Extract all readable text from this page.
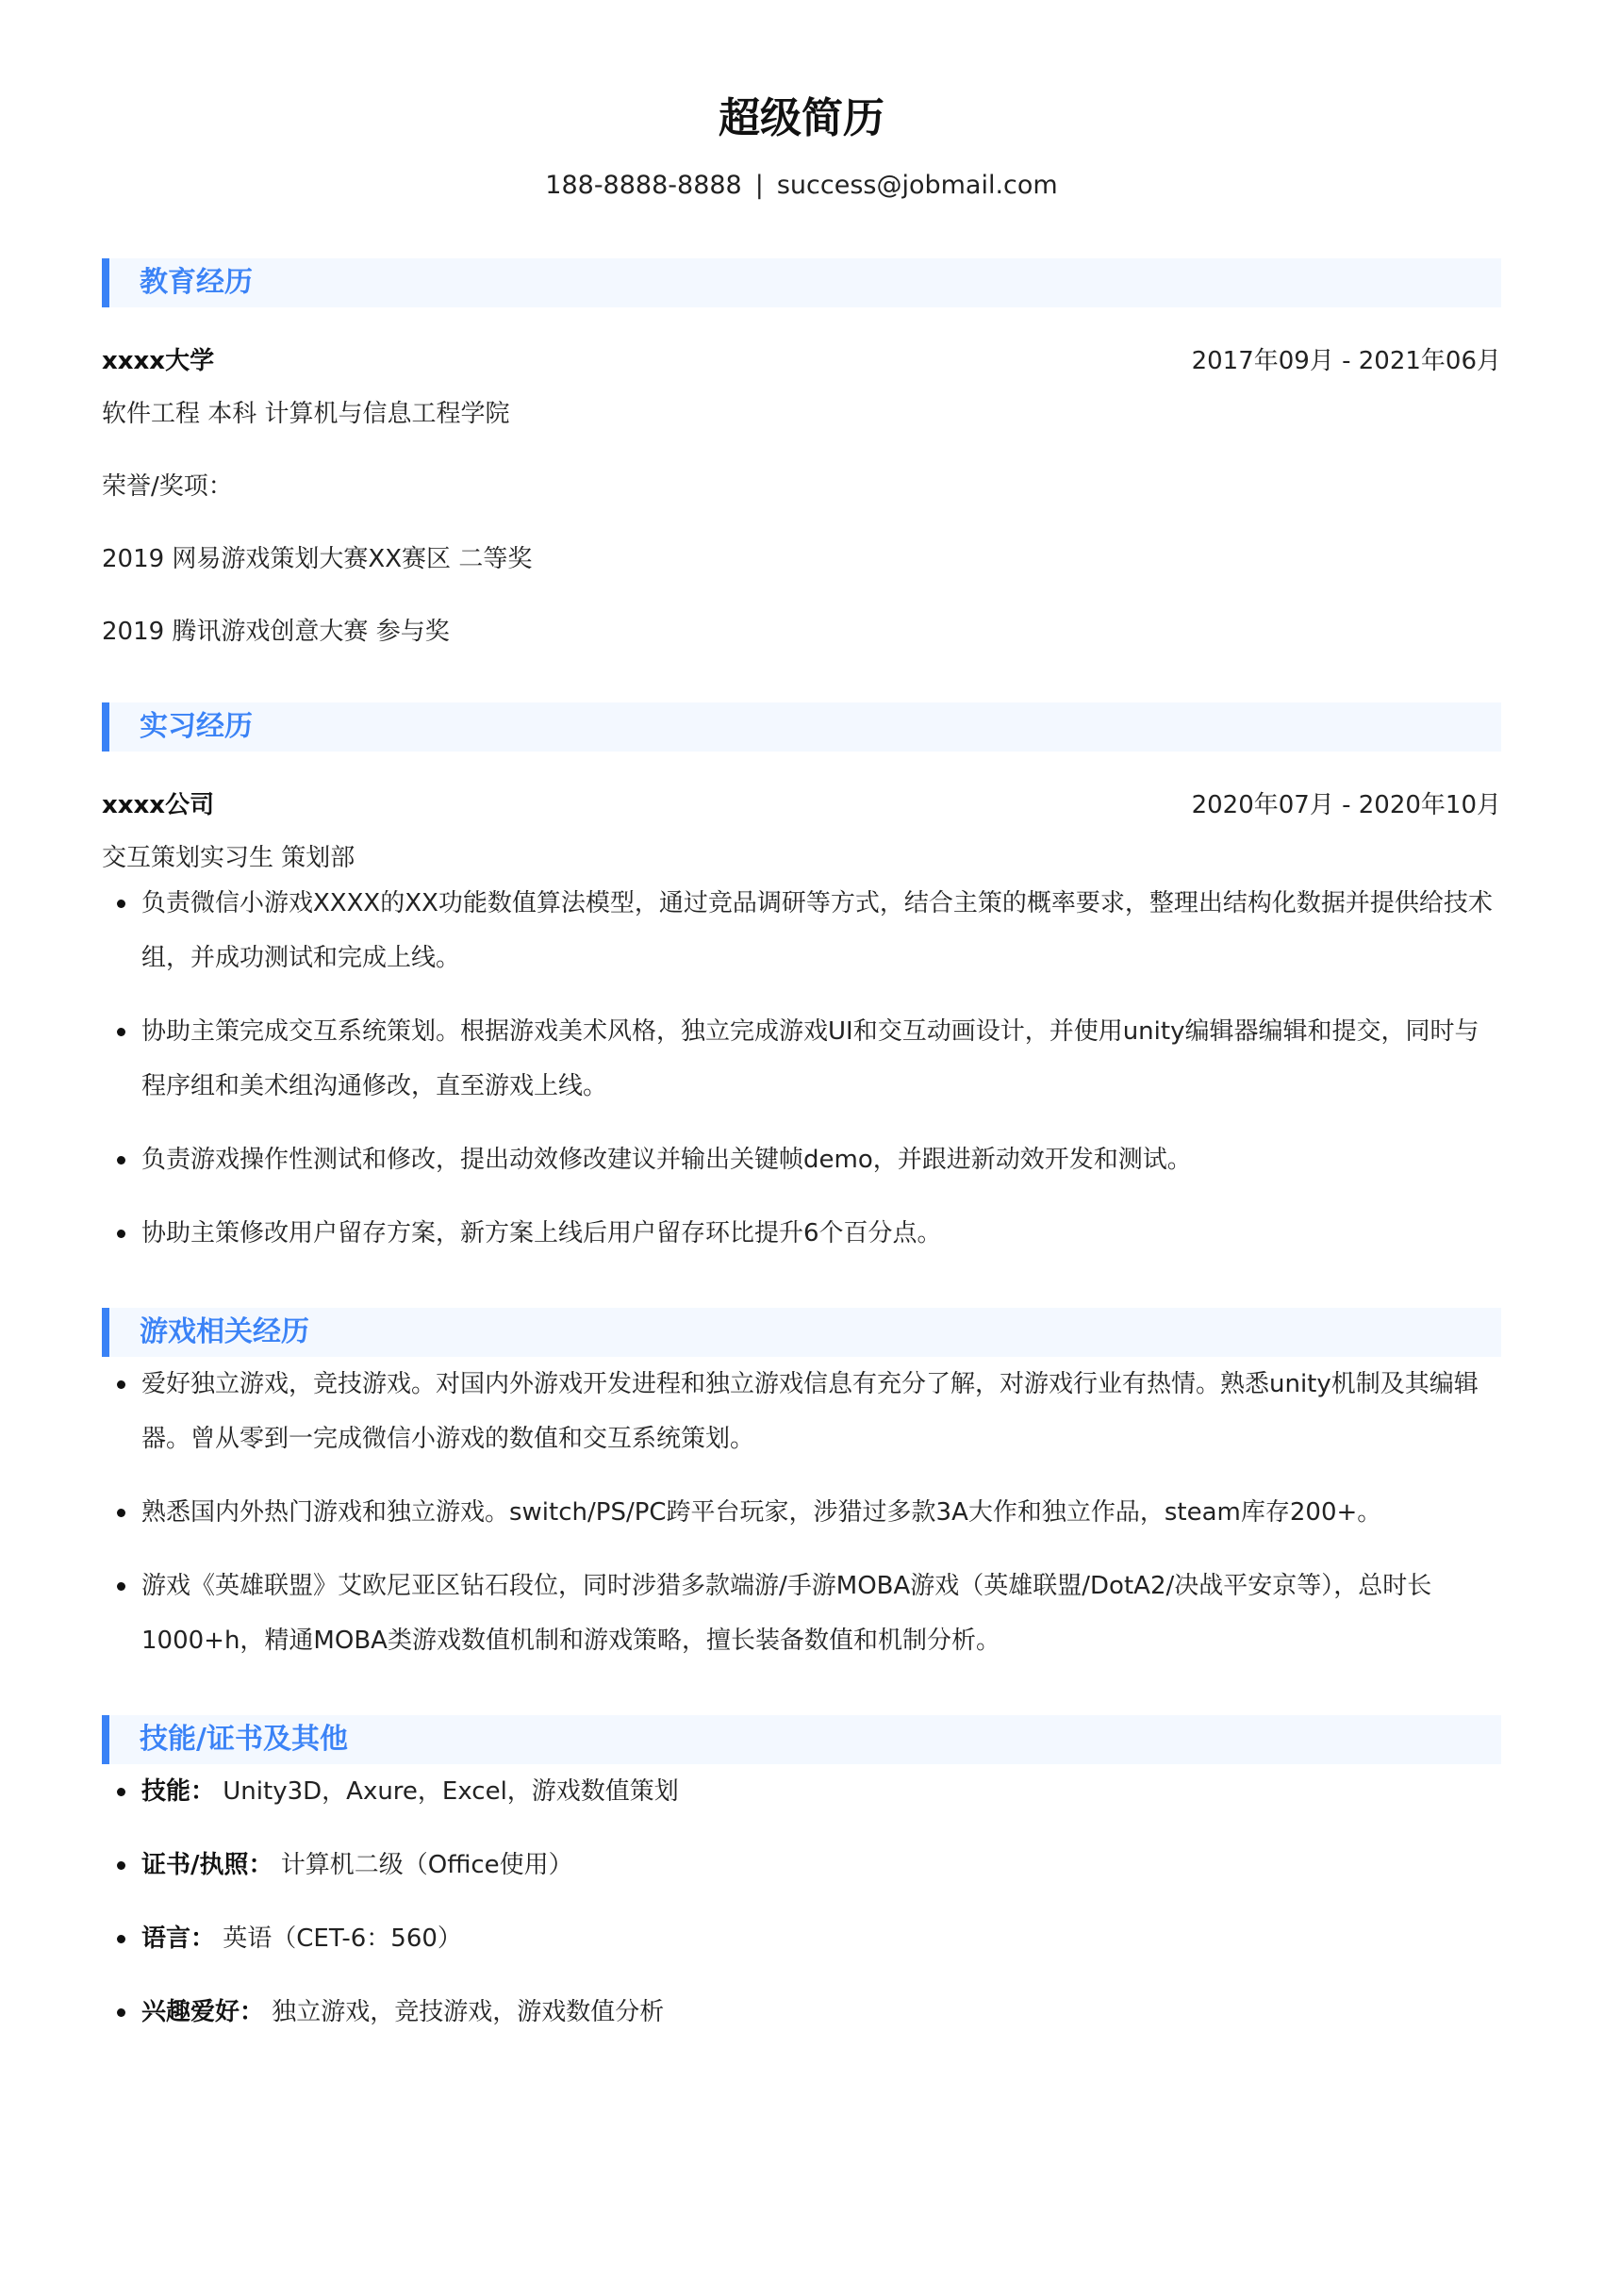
超级简历
188-8888-8888 | success@jobmail.com
教育经历
xxxx大学	2017年09月 - 2021年06月
软件工程 本科 计算机与信息工程学院
荣誉/奖项：
2019 网易游戏策划大赛XX赛区 二等奖
2019 腾讯游戏创意大赛 参与奖
实习经历
xxxx公司	2020年07月 - 2020年10月
交互策划实习生 策划部
负责微信小游戏XXXX的XX功能数值算法模型，通过竞品调研等方式，结合主策的概率要求，整理出结构化数据并提供给技术组，并成功测试和完成上线。
协助主策完成交互系统策划。根据游戏美术风格，独立完成游戏UI和交互动画设计，并使用unity编辑器编辑和提交，同时与程序组和美术组沟通修改，直至游戏上线。
负责游戏操作性测试和修改，提出动效修改建议并输出关键帧demo，并跟进新动效开发和测试。
协助主策修改用户留存方案，新方案上线后用户留存环比提升6个百分点。
游戏相关经历
爱好独立游戏，竞技游戏。对国内外游戏开发进程和独立游戏信息有充分了解，对游戏行业有热情。熟悉unity机制及其编辑器。曾从零到一完成微信小游戏的数值和交互系统策划。
熟悉国内外热门游戏和独立游戏。switch/PS/PC跨平台玩家，涉猎过多款3A大作和独立作品，steam库存200+。
游戏《英雄联盟》艾欧尼亚区钻石段位，同时涉猎多款端游/手游MOBA游戏（英雄联盟/DotA2/决战平安京等），总时长1000+h，精通MOBA类游戏数值机制和游戏策略，擅长装备数值和机制分析。
技能/证书及其他
技能： Unity3D，Axure，Excel，游戏数值策划
证书/执照： 计算机二级（Office使用）
语言： 英语（CET-6：560）
兴趣爱好： 独立游戏，竞技游戏，游戏数值分析
